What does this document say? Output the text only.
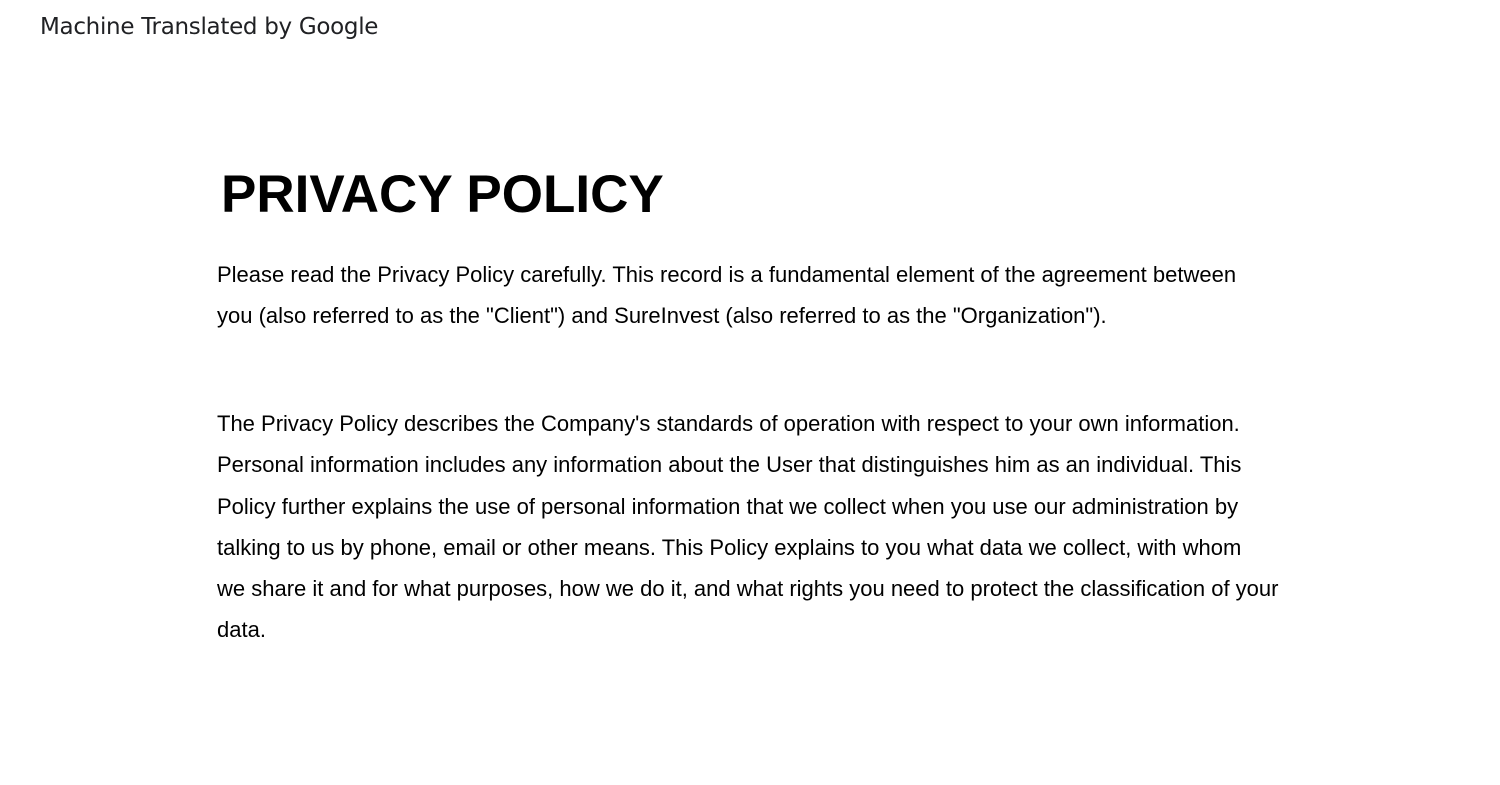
Machine Translated by Google
PRIVACY POLICY

Please read the Privacy Policy carefully. This record is a fundamental element of the agreement between
you (also referred to as the "Client") and SureInvest (also referred to as the "Organization").

The Privacy Policy describes the Company's standards of operation with respect to your own information.
Personal information includes any information about the User that distinguishes him as an individual. This
Policy further explains the use of personal information that we collect when you use our administration by
talking to us by phone, email or other means. This Policy explains to you what data we collect, with whom
we share it and for what purposes, how we do it, and what rights you need to protect the classification of your
data.
